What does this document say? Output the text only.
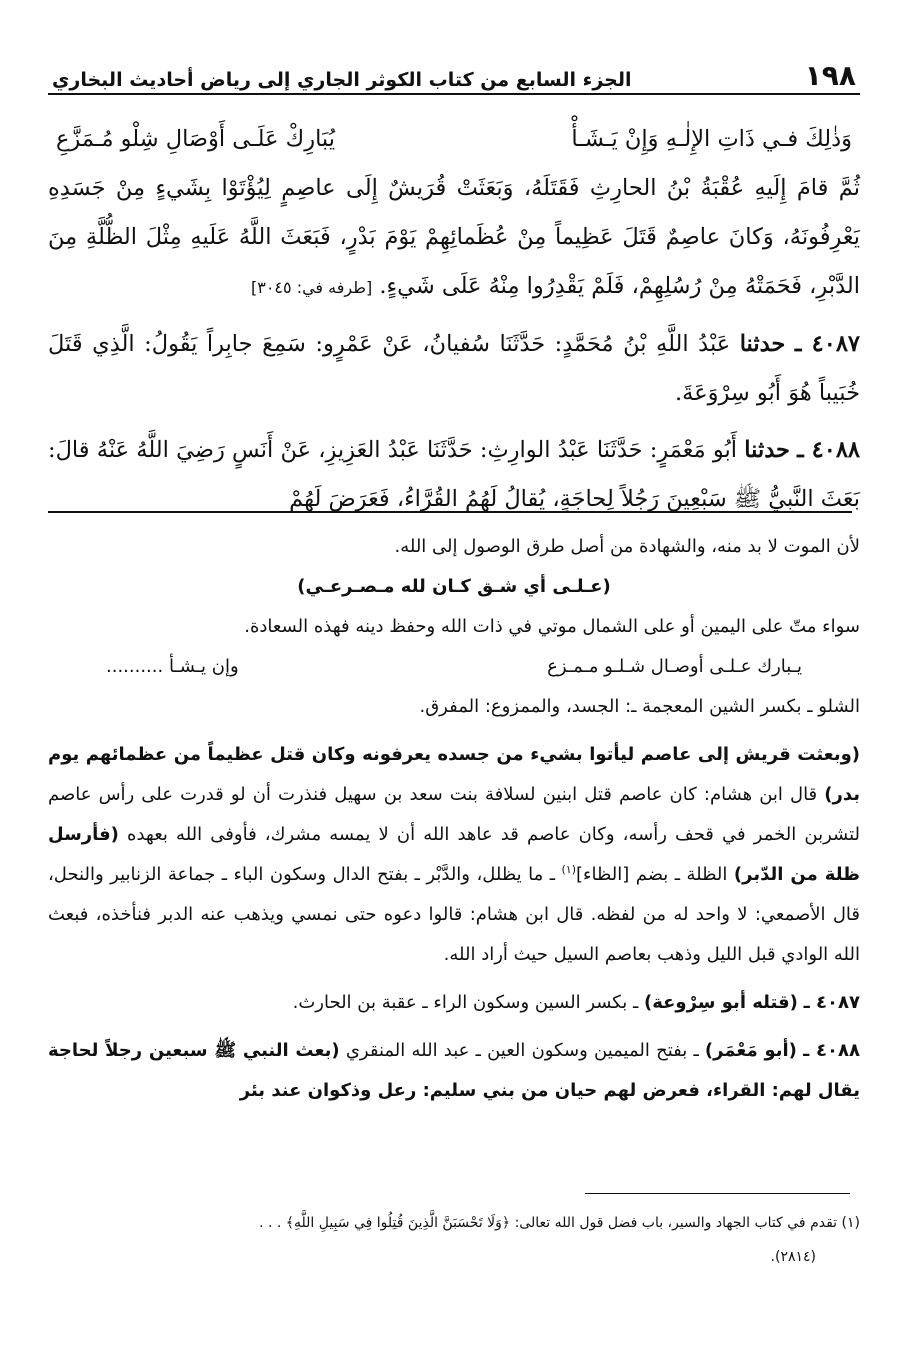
١٩٨
الجزء السابع من كتاب الكوثر الجاري إلى رياض أحاديث البخاري
وَذٰلِكَ فـي ذَاتِ الإِلٰـهِ وَإِنْ يَـشَـأْ
يُبَارِكْ عَلَـى أَوْصَالِ شِلْو مُـمَزَّعِ

ثُمَّ قامَ إِلَيهِ عُقْبَةُ بْنُ الحارِثِ فَقَتَلَهُ، وَبَعَثَتْ قُرَيشٌ إِلَى عاصِمٍ لِيُؤْتَوْا بِشَيءٍ مِنْ جَسَدِهِ يَعْرِفُونَهُ، وَكانَ عاصِمٌ قَتَلَ عَظِيماً مِنْ عُظَمائِهِمْ يَوْمَ بَدْرٍ، فَبَعَثَ اللَّهُ عَلَيهِ مِثْلَ الظُّلَّةِ مِنَ الدَّبْرِ، فَحَمَتْهُ مِنْ رُسُلِهِمْ، فَلَمْ يَقْدِرُوا مِنْهُ عَلَى شَيءٍ. [طرفه في: ٣٠٤٥]

٤٠٨٧ ـ حدثنا عَبْدُ اللَّهِ بْنُ مُحَمَّدٍ: حَدَّثَنَا سُفيانُ، عَنْ عَمْرٍو: سَمِعَ جابِراً يَقُولُ: الَّذِي قَتَلَ خُبَيباً هُوَ أَبُو سِرْوَعَةَ.

٤٠٨٨ ـ حدثنا أَبُو مَعْمَرٍ: حَدَّثَنَا عَبْدُ الوارِثِ: حَدَّثَنَا عَبْدُ العَزِيزِ، عَنْ أَنَسٍ رَضِيَ اللَّهُ عَنْهُ قالَ: بَعَثَ النَّبِيُّ ﷺ سَبْعِينَ رَجُلاً لِحاجَةٍ، يُقالُ لَهُمُ القُرَّاءُ، فَعَرَضَ لَهُمْ

لأن الموت لا بد منه، والشهادة من أصل طرق الوصول إلى الله.

(عـلـى أي شـق كـان لله مـصـرعـي)

سواء متّ على اليمين أو على الشمال موتي في ذات الله وحفظ دينه فهذه السعادة.

يـبارك عـلـى أوصـال شـلـو مـمـزع
وإن يـشـأ ..........

الشلو ـ بكسر الشين المعجمة ـ: الجسد، والممزوع: المفرق.

(وبعثت قريش إلى عاصم ليأتوا بشيء من جسده يعرفونه وكان قتل عظيماً من عظمائهم يوم بدر) قال ابن هشام: كان عاصم قتل ابنين لسلافة بنت سعد بن سهيل فنذرت أن لو قدرت على رأس عاصم لتشربن الخمر في قحف رأسه، وكان عاصم قد عاهد الله أن لا يمسه مشرك، فأوفى الله بعهده (فأرسل ظلة من الدّبر) الظلة ـ بضم [الظاء]$^{(١)}$ ـ ما يظلل، والدَّبْر ـ بفتح الدال وسكون الباء ـ جماعة الزنابير والنحل، قال الأصمعي: لا واحد له من لفظه. قال ابن هشام: قالوا دعوه حتى نمسي ويذهب عنه الدبر فنأخذه، فبعث الله الوادي قبل الليل وذهب بعاصم السيل حيث أراد الله.

٤٠٨٧ ـ (قتله أبو سِرْوعة) ـ بكسر السين وسكون الراء ـ عقبة بن الحارث.

٤٠٨٨ ـ (أبو مَعْمَر) ـ بفتح الميمين وسكون العين ـ عبد الله المنقري (بعث النبي ﷺ سبعين رجلاً لحاجة يقال لهم: القراء، فعرض لهم حيان من بني سليم: رعل وذكوان عند بئر

(١) تقدم في كتاب الجهاد والسير، باب فضل قول الله تعالى: ﴿وَلَا تَحْسَبَنَّ الَّذِينَ قُتِلُوا فِي سَبِيلِ اللَّهِ﴾ . . .

(٢٨١٤).
